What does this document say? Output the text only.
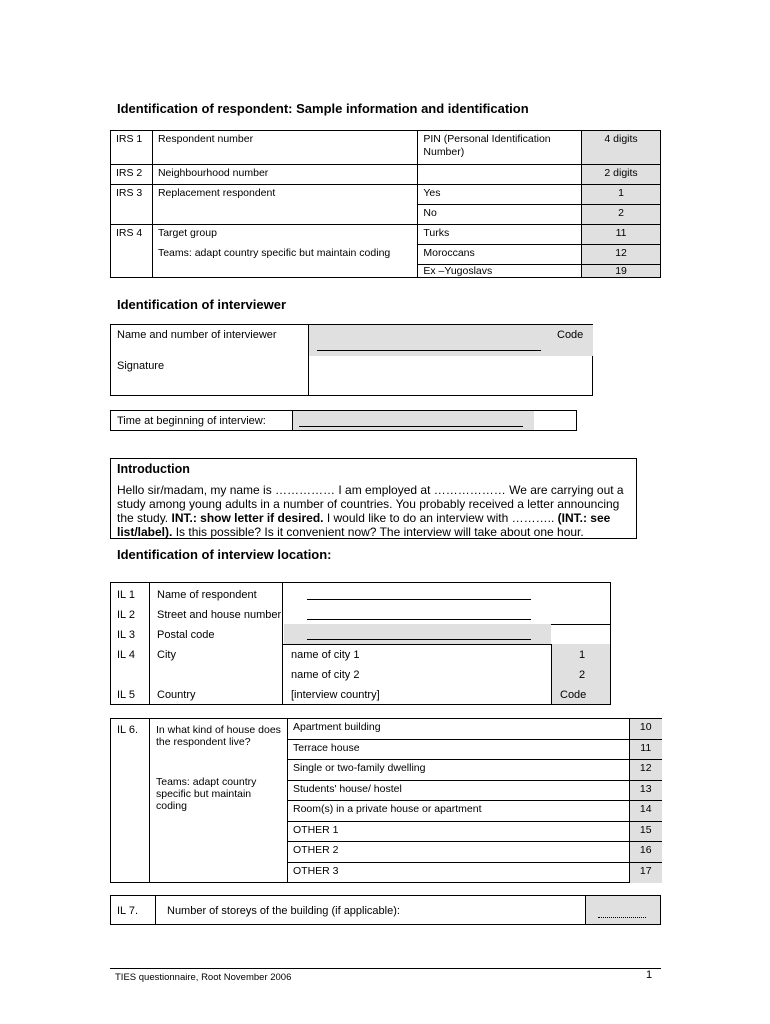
Identification of respondent: Sample information and identification
IRS 1	Respondent number	PIN (Personal Identification Number)	4 digits
IRS 2	Neighbourhood number		2 digits
IRS 3	Replacement respondent	Yes	1
		No	2
IRS 4	Target group	Turks	11
	Teams: adapt country specific but maintain coding	Moroccans	12
		Ex –Yugoslavs	19
Identification of interviewer
Name and number of interviewer	Code
Signature
Time at beginning of interview:
Introduction
Hello sir/madam, my name is …………… I am employed at ……………… We are carrying out a study among young adults in a number of countries. You probably received a letter announcing the study. INT.: show letter if desired. I would like to do an interview with ……….. (INT.: see list/label). Is this possible? Is it convenient now? The interview will take about one hour.
Identification of interview location:
IL 1 Name of respondent
IL 2 Street and house number
IL 3 Postal code
IL 4 City	name of city 1	1
name of city 2	2
IL 5 Country	[interview country]	Code
IL 6. In what kind of house does the respondent live?
Teams: adapt country specific but maintain coding
Apartment building	10
Terrace house	11
Single or two-family dwelling	12
Students' house/ hostel	13
Room(s) in a private house or apartment	14
OTHER 1	15
OTHER 2	16
OTHER 3	17
IL 7.	Number of storeys of the building (if applicable):
TIES questionnaire, Root November 2006	1
